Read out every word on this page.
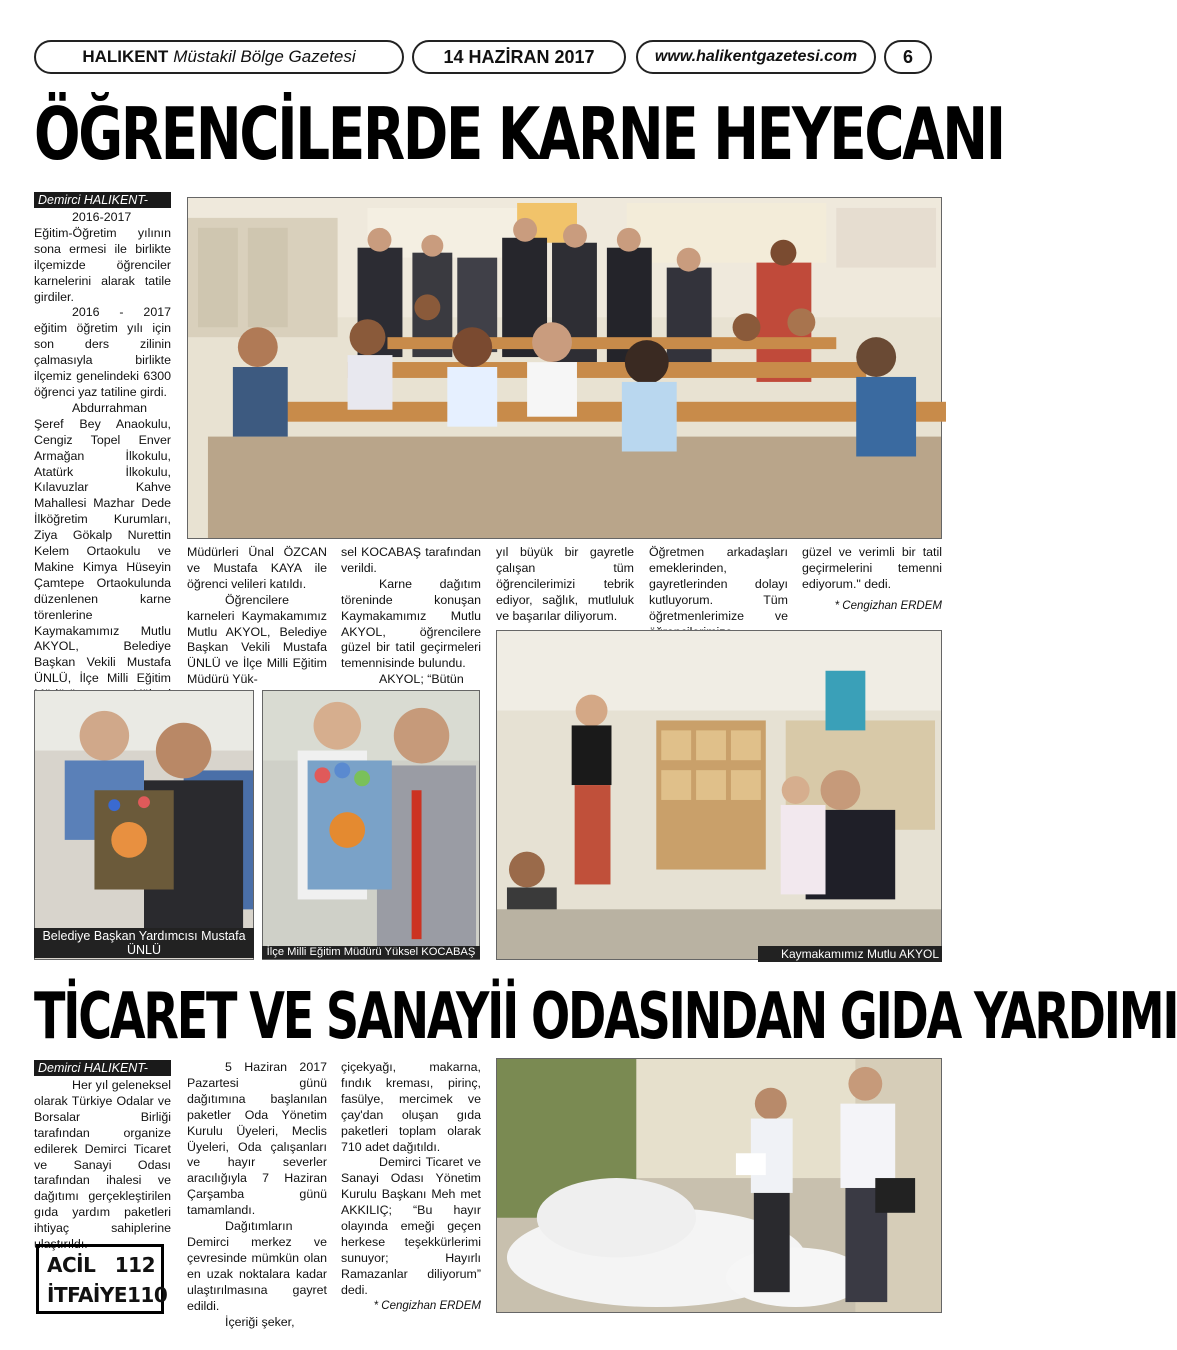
HALIKENT Müstakil Bölge Gazetesi	14 HAZİRAN 2017	www.halikentgazetesi.com	6
ÖĞRENCİLERDE KARNE HEYECANI
Demirci HALIKENT-

2016-2017 Eğitim-Öğretim yılının sona ermesi ile birlikte ilçemizde öğrenciler karnelerini alarak tatile girdiler.

2016 - 2017 eğitim öğretim yılı için son ders zilinin çalmasıyla birlikte ilçemiz genelindeki 6300 öğrenci yaz tatiline girdi.

Abdurrahman Şeref Bey Anaokulu, Cengiz Topel Enver Armağan İlkokulu, Atatürk İlkokulu, Kılavuzlar Kahve Mahallesi Mazhar Dede İlköğretim Kurumları, Ziya Gökalp Nurettin Kelem Ortaokulu ve Makine Kimya Hüseyin Çamtepe Ortaokulunda düzenlenen karne törenlerine Kaymakamımız Mutlu AKYOL, Belediye Başkan Vekili Mustafa ÜNLÜ, İlçe Milli Eğitim

Müdürleri Ünal ÖZCAN ve Mustafa KAYA ile öğrenci velileri katıldı.

Öğrencilere karneleri Kaymakamımız Mutlu AKYOL, Belediye Başkan Vekili Mustafa ÜNLÜ ve İlçe Milli Eğitim Müdürü Yük-

sel KOCABAŞ tarafından verildi.

Karne dağıtım töreninde konuşan Kaymakamımız Mutlu AKYOL, öğrencilere güzel bir tatil geçirmeleri temennisinde bulundu.

AKYOL; “Bütün

yıl büyük bir gayretle çalışan tüm öğrencilerimizi tebrik ediyor, sağlık, mutluluk ve başarılar diliyorum.

Öğretmen arkadaşları emeklerinden, gayretlerinden dolayı kutluyorum. Tüm öğretmenlerimize ve

güzel ve verimli bir tatil geçirmelerini temenni ediyorum." dedi.

* Cengizhan ERDEM

Belediye Başkan Yardımcısı Mustafa ÜNLÜ	İlçe Milli Eğitim Müdürü Yüksel KOCABAŞ	Kaymakamımız Mutlu AKYOL
TİCARET VE SANAYİİ ODASINDAN GIDA YARDIMI
Demirci HALIKENT-

Her yıl geleneksel olarak Türkiye Odalar ve Borsalar Birliği tarafından organize edilerek Demirci Ticaret ve Sanayi Odası tarafından ihalesi ve dağıtımı gerçekleştirilen gıda yardım paketleri ihtiyaç sahiplerine ulaştırıldı.

ACİL 112
İTFAİYE 110

5 Haziran 2017 Pazartesi günü dağıtımına başlanılan paketler Oda Yönetim Kurulu Üyeleri, Meclis Üyeleri, Oda çalışanları ve hayır severler aracılığıyla 7 Haziran Çarşamba günü tamamlandı.

Dağıtımların Demirci merkez ve çevresinde mümkün olan en uzak noktalara kadar ulaştırılmasına gayret edildi.

İçeriği şeker,

çiçekyağı, makarna, fındık kreması, pirinç, fasülye, mercimek ve çay'dan oluşan gıda paketleri toplam olarak 710 adet dağıtıldı.

Demirci Ticaret ve Sanayi Odası Yönetim Kurulu Başkanı Meh met AKKILIÇ; “Bu hayır olayında emeği geçen herkese teşekkürlerimi sunuyor; Hayırlı Ramazanlar diliyorum” dedi.

* Cengizhan ERDEM
